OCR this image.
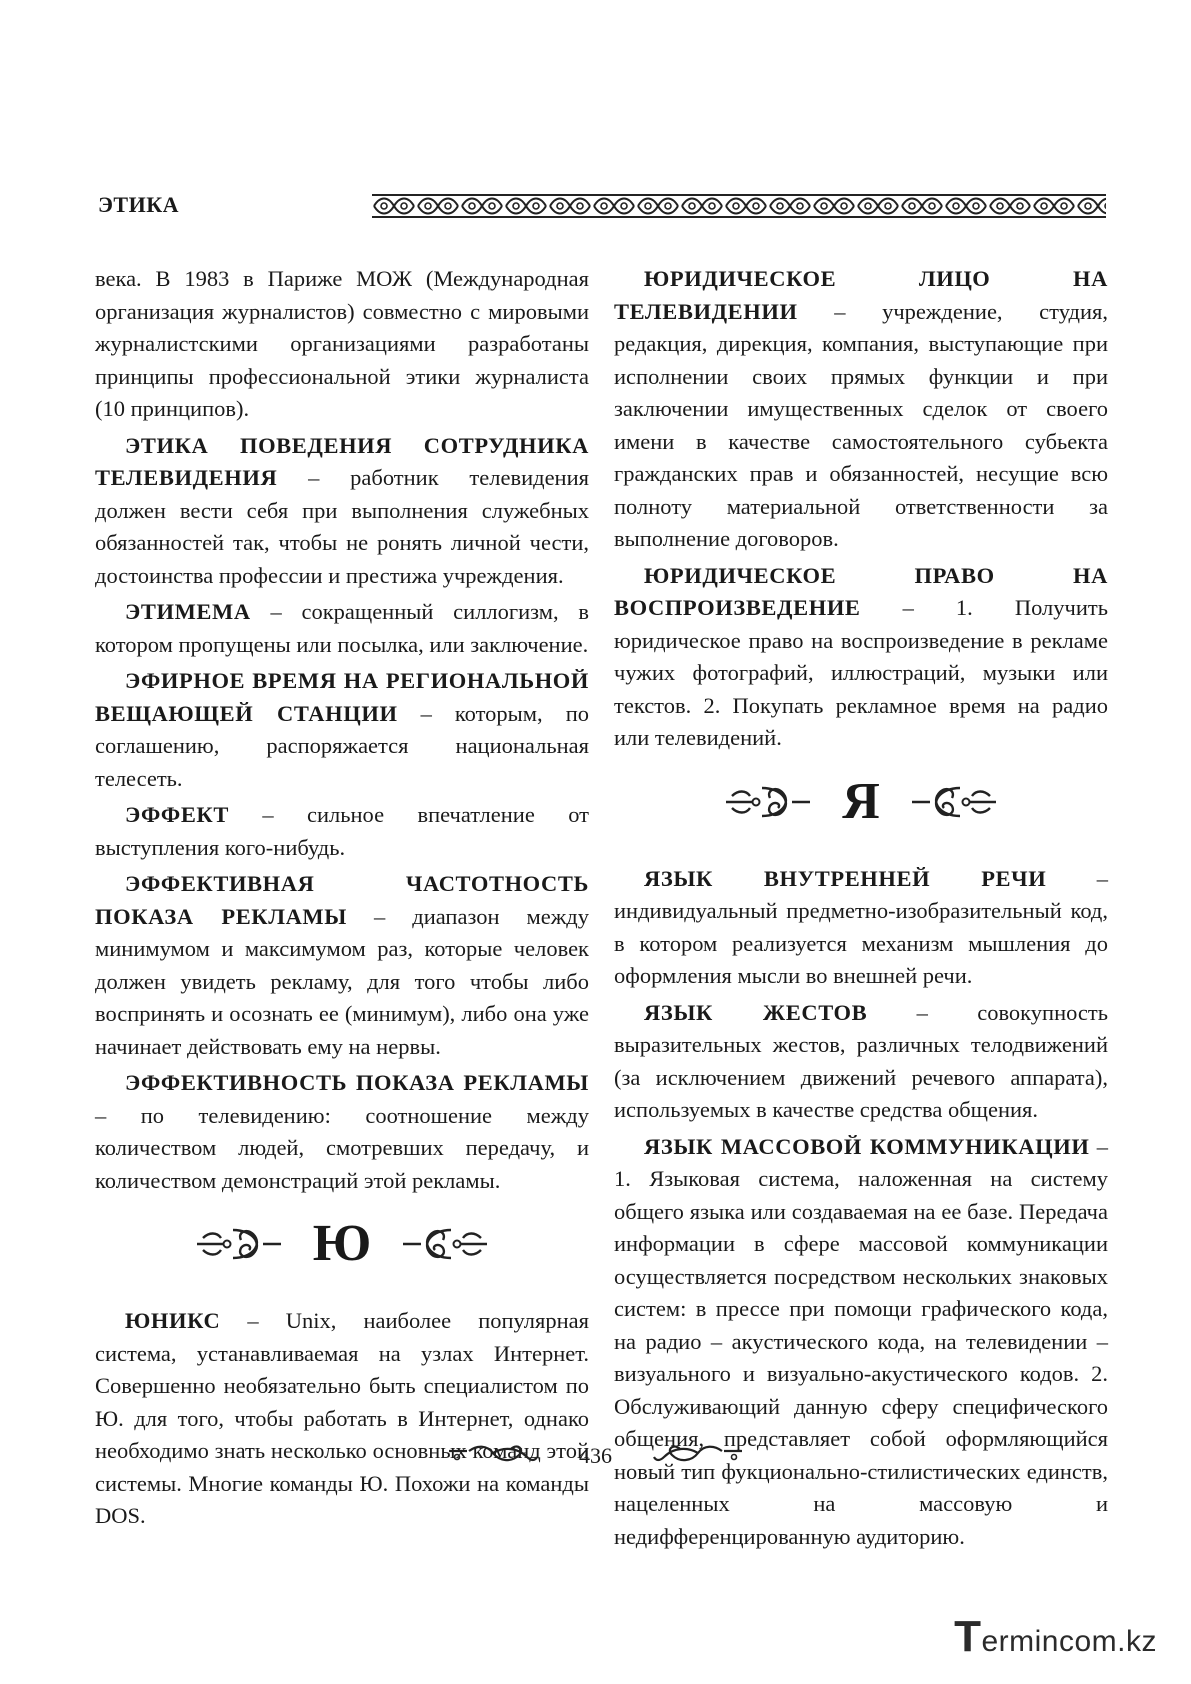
ЭТИКА

века. В 1983 в Париже МОЖ (Международная организация журналистов) совместно с мировыми журналистскими организациями разработаны принципы профессиональной этики журналиста (10 принципов).

ЭТИКА ПОВЕДЕНИЯ СОТРУДНИКА ТЕЛЕВИДЕНИЯ – работник телевидения должен вести себя при выполнения служебных обязанностей так, чтобы не ронять личной чести, достоинства профессии и престижа учреждения.

ЭТИМЕМА – сокращенный силлогизм, в котором пропущены или посылка, или заключение.

ЭФИРНОЕ ВРЕМЯ НА РЕГИОНАЛЬНОЙ ВЕЩАЮЩЕЙ СТАНЦИИ – которым, по соглашению, распоряжается национальная телесеть.

ЭФФЕКТ – сильное впечатление от выступления кого-нибудь.

ЭФФЕКТИВНАЯ ЧАСТОТНОСТЬ ПОКАЗА РЕКЛАМЫ – диапазон между минимумом и максимумом раз, которые человек должен увидеть рекламу, для того чтобы либо воспринять и осознать ее (минимум), либо она уже начинает действовать ему на нервы.

ЭФФЕКТИВНОСТЬ ПОКАЗА РЕКЛАМЫ – по телевидению: соотношение между количеством людей, смотревших передачу, и количеством демонстраций этой рекламы.

Ю

ЮНИКС – Unix, наиболее популярная система, устанавливаемая на узлах Интернет. Совершенно необязательно быть специалистом по Ю. для того, чтобы работать в Интернет, однако необходимо знать несколько основных команд этой системы. Многие команды Ю. Похожи на команды DOS.

ЮРИДИЧЕСКОЕ ЛИЦО НА ТЕЛЕВИДЕНИИ – учреждение, студия, редакция, дирекция, компания, выступающие при исполнении своих прямых функции и при заключении имущественных сделок от своего имени в качестве самостоятельного субьекта гражданских прав и обязанностей, несущие всю полноту материальной ответственности за выполнение договоров.

ЮРИДИЧЕСКОЕ ПРАВО НА ВОСПРОИЗВЕДЕНИЕ – 1. Получить юридическое право на воспроизведение в рекламе чужих фотографий, иллюстраций, музыки или текстов. 2. Покупать рекламное время на радио или телевидений.

Я

ЯЗЫК ВНУТРЕННЕЙ РЕЧИ – индивидуальный предметно-изобразительный код, в котором реализуется механизм мышления до оформления мысли во внешней речи.

ЯЗЫК ЖЕСТОВ – совокупность выразительных жестов, различных телодвижений (за исключением движений речевого аппарата), используемых в качестве средства общения.

ЯЗЫК МАССОВОЙ КОММУНИКАЦИИ – 1. Языковая система, наложенная на систему общего языка или создаваемая на ее базе. Передача информации в сфере массовой коммуникации осуществляется посредством нескольких знаковых систем: в прессе при помощи графического кода, на радио – акустического кода, на телевидении – визуального и визуально-акустического кодов. 2. Обслуживающий данную сферу специфического общения, представляет собой оформляющийся новый тип фукционально-стилистических единств, нацеленных на массовую и недифференцированную аудиторию.

436
Termincom.kz
